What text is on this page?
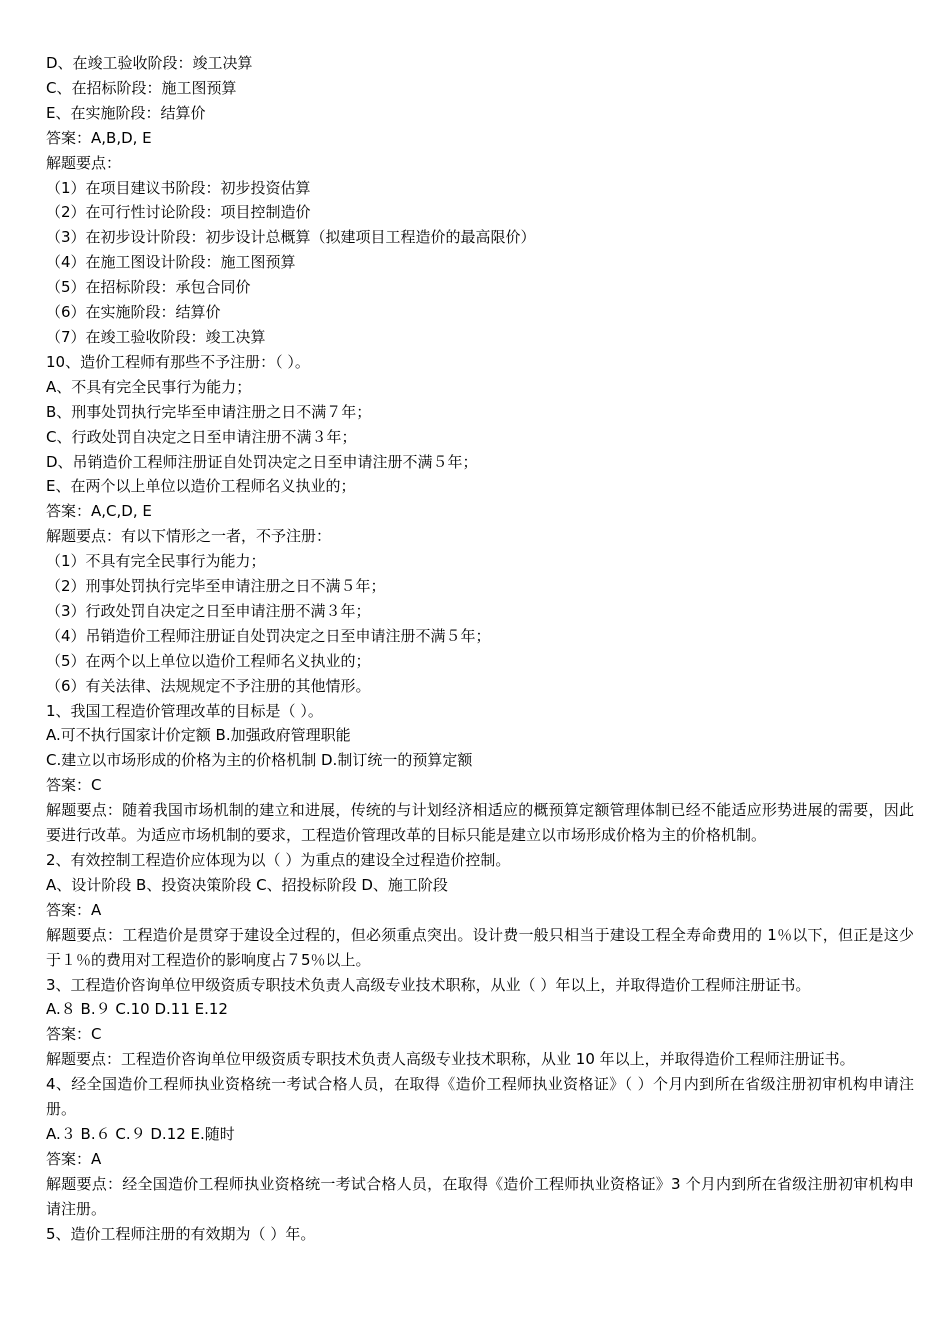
D、在竣工验收阶段：竣工决算
C、在招标阶段：施工图预算
E、在实施阶段：结算价
答案：A,B,D, E
解题要点：
（1）在项目建议书阶段：初步投资估算
（2）在可行性讨论阶段：项目控制造价
（3）在初步设计阶段：初步设计总概算（拟建项目工程造价的最高限价）
（4）在施工图设计阶段：施工图预算
（5）在招标阶段：承包合同价
（6）在实施阶段：结算价
（7）在竣工验收阶段：竣工决算
10、造价工程师有那些不予注册：（ ）。
A、不具有完全民事行为能力；
B、刑事处罚执行完毕至申请注册之日不满７年；
C、行政处罚自决定之日至申请注册不满３年；
D、吊销造价工程师注册证自处罚决定之日至申请注册不满５年；
E、在两个以上单位以造价工程师名义执业的；
答案：A,C,D, E
解题要点：有以下情形之一者，不予注册：
（1）不具有完全民事行为能力；
（2）刑事处罚执行完毕至申请注册之日不满５年；
（3）行政处罚自决定之日至申请注册不满３年；
（4）吊销造价工程师注册证自处罚决定之日至申请注册不满５年；
（5）在两个以上单位以造价工程师名义执业的；
（6）有关法律、法规规定不予注册的其他情形。
1、我国工程造价管理改革的目标是（ ）。
A.可不执行国家计价定额 B.加强政府管理职能
C.建立以市场形成的价格为主的价格机制 D.制订统一的预算定额
答案：C
解题要点：随着我国市场机制的建立和进展，传统的与计划经济相适应的概预算定额管理体制已经不能适应形势进展的需要，因此要进行改革。为适应市场机制的要求，工程造价管理改革的目标只能是建立以市场形成价格为主的价格机制。
2、有效控制工程造价应体现为以（ ）为重点的建设全过程造价控制。
A、设计阶段 B、投资决策阶段 C、招投标阶段 D、施工阶段
答案：A
解题要点：工程造价是贯穿于建设全过程的，但必须重点突出。设计费一般只相当于建设工程全寿命费用的 1％以下，但正是这少于１％的费用对工程造价的影响度占７5％以上。
3、工程造价咨询单位甲级资质专职技术负责人高级专业技术职称，从业（ ）年以上，并取得造价工程师注册证书。
A.８ B.９ C.10 D.11 E.12
答案：C
解题要点：工程造价咨询单位甲级资质专职技术负责人高级专业技术职称，从业 10 年以上，并取得造价工程师注册证书。
4、经全国造价工程师执业资格统一考试合格人员，在取得《造价工程师执业资格证》（ ）个月内到所在省级注册初审机构申请注册。
A.３ B.６ C.９ D.12 E.随时
答案：A
解题要点：经全国造价工程师执业资格统一考试合格人员，在取得《造价工程师执业资格证》3 个月内到所在省级注册初审机构申请注册。
5、造价工程师注册的有效期为（ ）年。
